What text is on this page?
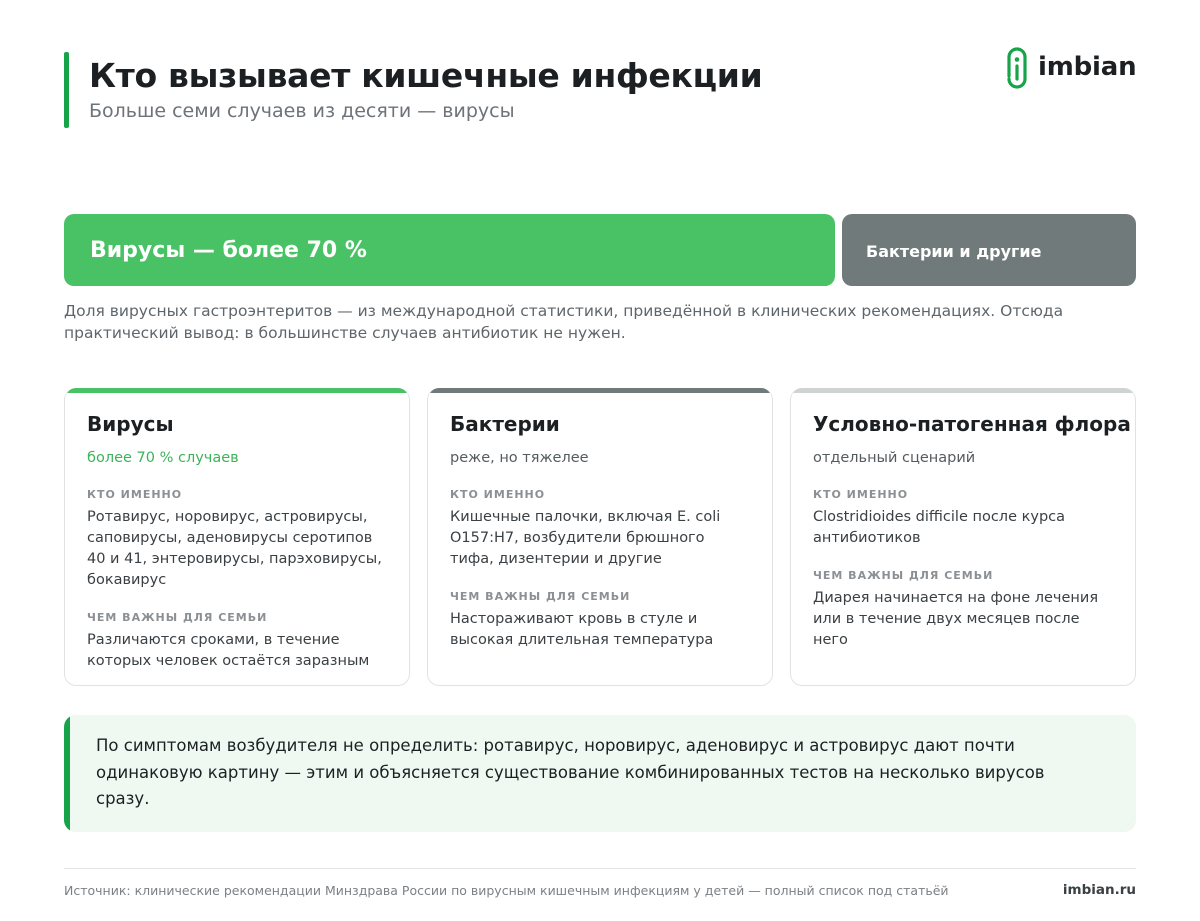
Кто вызывает кишечные инфекции
Больше семи случаев из десяти — вирусы
imbian
Вирусы — более 70 %	Бактерии и другие

Доля вирусных гастроэнтеритов — из международной статистики, приведённой в клинических рекомендациях. Отсюда практический вывод: в большинстве случаев антибиотик не нужен.

Вирусы
более 70 % случаев
КТО ИМЕННО
Ротавирус, норовирус, астровирусы, саповирусы, аденовирусы серотипов 40 и 41, энтеровирусы, парэховирусы, бокавирус
ЧЕМ ВАЖНЫ ДЛЯ СЕМЬИ
Различаются сроками, в течение которых человек остаётся заразным
Бактерии
реже, но тяжелее
КТО ИМЕННО
Кишечные палочки, включая E. coli O157:H7, возбудители брюшного тифа, дизентерии и другие
ЧЕМ ВАЖНЫ ДЛЯ СЕМЬИ
Настораживают кровь в стуле и высокая длительная температура
Условно-патогенная флора
отдельный сценарий
КТО ИМЕННО
Clostridioides difficile после курса антибиотиков
ЧЕМ ВАЖНЫ ДЛЯ СЕМЬИ
Диарея начинается на фоне лечения или в течение двух месяцев после него

По симптомам возбудителя не определить: ротавирус, норовирус, аденовирус и астровирус дают почти одинаковую картину — этим и объясняется существование комбинированных тестов на несколько вирусов сразу.

Источник: клинические рекомендации Минздрава России по вирусным кишечным инфекциям у детей — полный список под статьёй	imbian.ru
